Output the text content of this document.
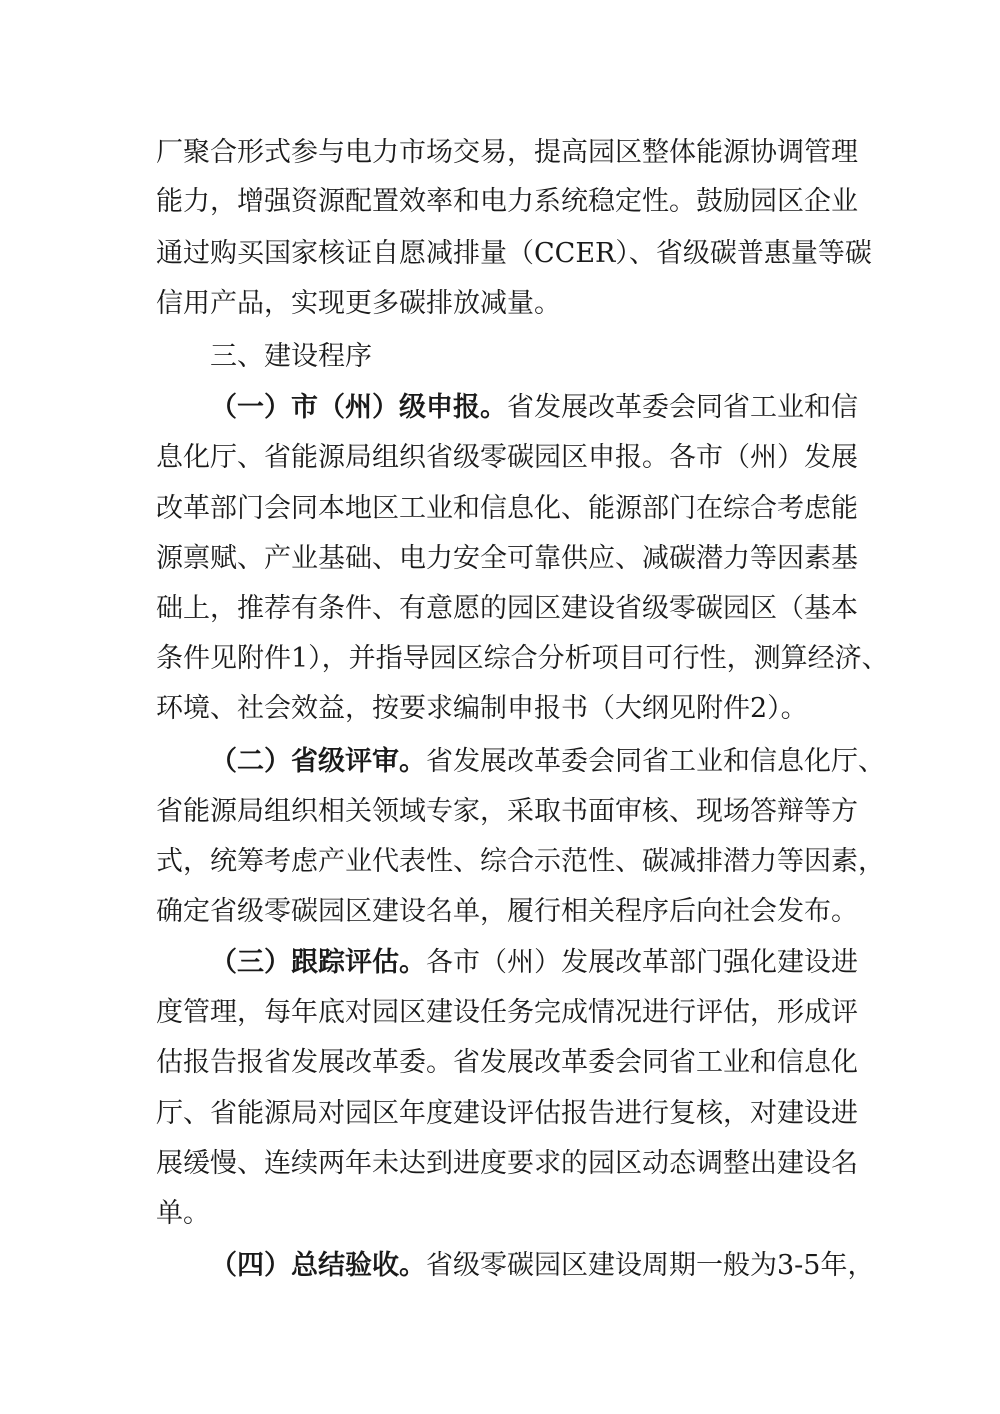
厂聚合形式参与电力市场交易，提高园区整体能源协调管理
能力，增强资源配置效率和电力系统稳定性。鼓励园区企业
通过购买国家核证自愿减排量（CCER）、省级碳普惠量等碳
信用产品，实现更多碳排放减量。
三、建设程序
（一）市（州）级申报。省发展改革委会同省工业和信
息化厅、省能源局组织省级零碳园区申报。各市（州）发展
改革部门会同本地区工业和信息化、能源部门在综合考虑能
源禀赋、产业基础、电力安全可靠供应、减碳潜力等因素基
础上，推荐有条件、有意愿的园区建设省级零碳园区（基本
条件见附件1），并指导园区综合分析项目可行性，测算经济、
环境、社会效益，按要求编制申报书（大纲见附件2）。
（二）省级评审。省发展改革委会同省工业和信息化厅、
省能源局组织相关领域专家，采取书面审核、现场答辩等方
式，统筹考虑产业代表性、综合示范性、碳减排潜力等因素，
确定省级零碳园区建设名单，履行相关程序后向社会发布。
（三）跟踪评估。各市（州）发展改革部门强化建设进
度管理，每年底对园区建设任务完成情况进行评估，形成评
估报告报省发展改革委。省发展改革委会同省工业和信息化
厅、省能源局对园区年度建设评估报告进行复核，对建设进
展缓慢、连续两年未达到进度要求的园区动态调整出建设名
单。
（四）总结验收。省级零碳园区建设周期一般为3-5年，
